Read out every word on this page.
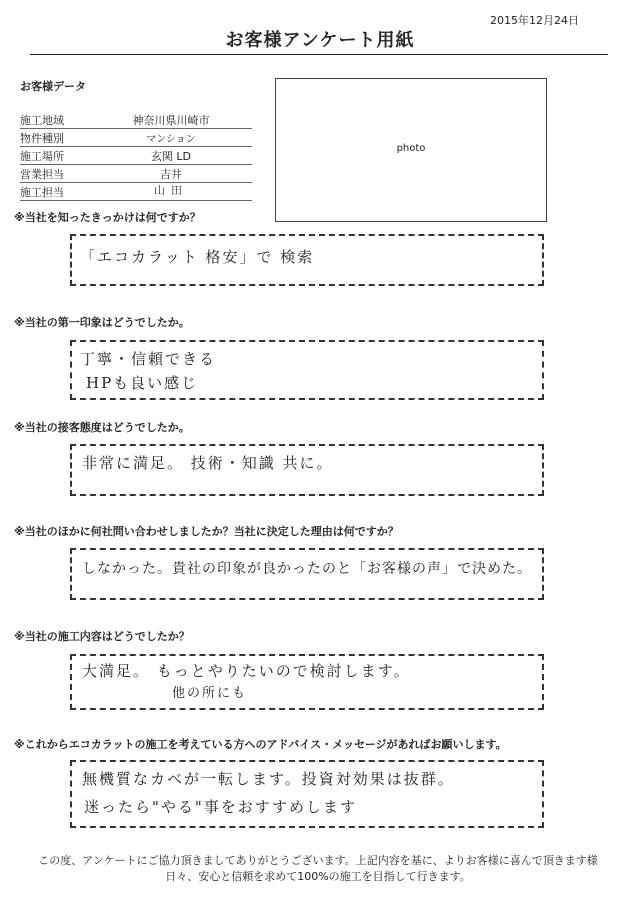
2015年12月24日
お客様アンケート用紙
お客様データ
施工地域	神奈川県川崎市
物件種別	マンション
施工場所	玄関 LD
営業担当	吉井
施工担当	山田
photo
※当社を知ったきっかけは何ですか？
「エコカラット 格安」で 検索
※当社の第一印象はどうでしたか。
丁寧・信頼できる
HPも良い感じ
※当社の接客態度はどうでしたか。
非常に満足。 技術・知識 共に。
※当社のほかに何社問い合わせしましたか？当社に決定した理由は何ですか？
しなかった。貴社の印象が良かったのと「お客様の声」で決めた。
※当社の施工内容はどうでしたか？
大満足。 もっとやりたいので検討します。
他の所にも
※これからエコカラットの施工を考えている方へのアドバイス・メッセージがあればお願いします。
無機質なカベが一転します。投資対効果は抜群。
迷ったら"やる"事をおすすめします
この度、アンケートにご協力頂きましてありがとうございます。上記内容を基に、よりお客様に喜んで頂きます様
日々、安心と信頼を求めて100%の施工を目指して行きます。
